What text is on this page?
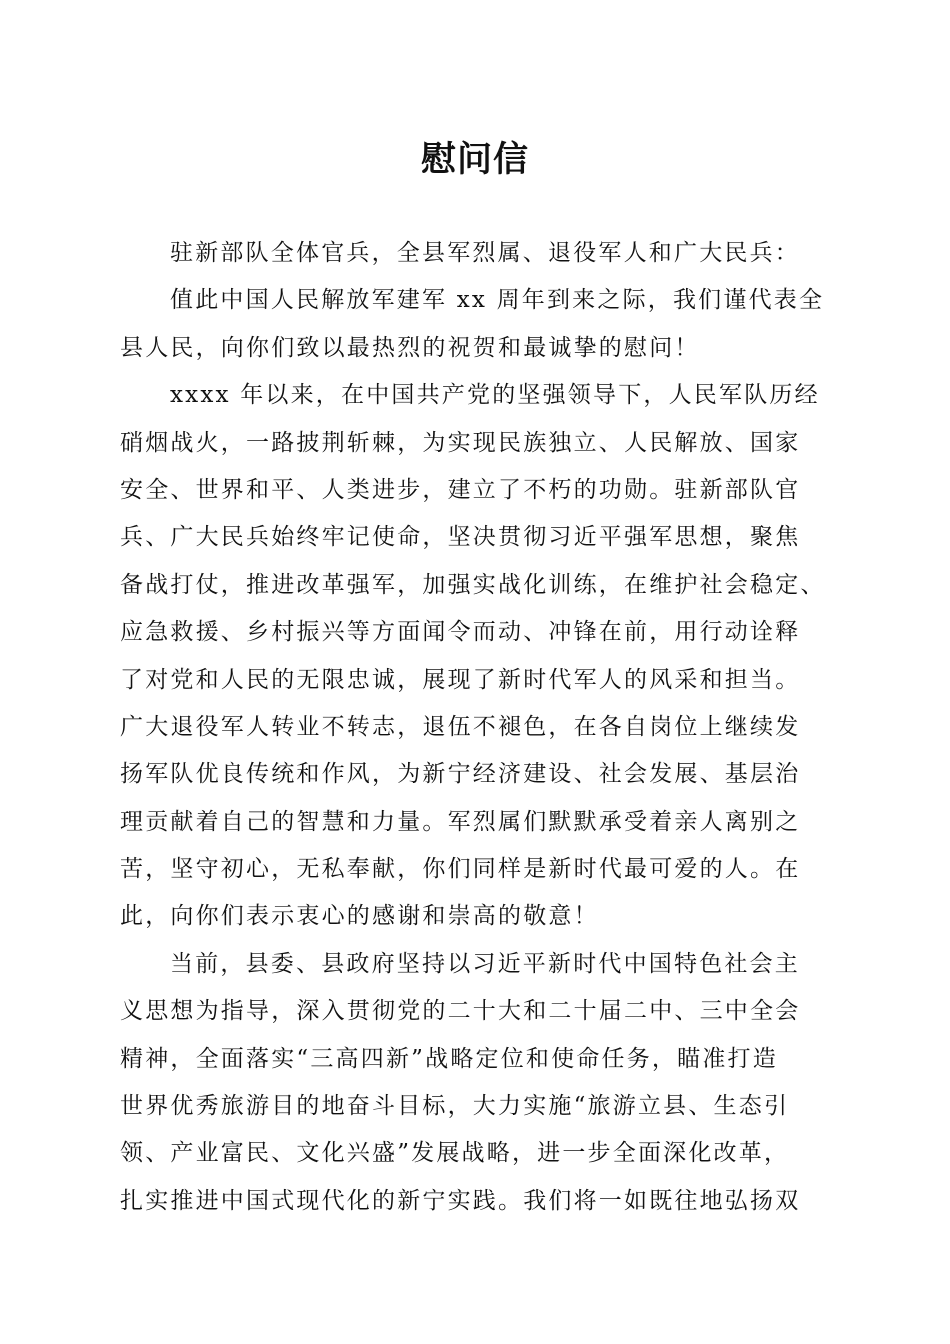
慰问信
驻新部队全体官兵，全县军烈属、退役军人和广大民兵：
值此中国人民解放军建军 xx 周年到来之际，我们谨代表全
县人民，向你们致以最热烈的祝贺和最诚挚的慰问！
xxxx 年以来，在中国共产党的坚强领导下，人民军队历经
硝烟战火，一路披荆斩棘，为实现民族独立、人民解放、国家
安全、世界和平、人类进步，建立了不朽的功勋。驻新部队官
兵、广大民兵始终牢记使命，坚决贯彻习近平强军思想，聚焦
备战打仗，推进改革强军，加强实战化训练，在维护社会稳定、
应急救援、乡村振兴等方面闻令而动、冲锋在前，用行动诠释
了对党和人民的无限忠诚，展现了新时代军人的风采和担当。
广大退役军人转业不转志，退伍不褪色，在各自岗位上继续发
扬军队优良传统和作风，为新宁经济建设、社会发展、基层治
理贡献着自己的智慧和力量。军烈属们默默承受着亲人离别之
苦，坚守初心，无私奉献，你们同样是新时代最可爱的人。在
此，向你们表示衷心的感谢和崇高的敬意！
当前，县委、县政府坚持以习近平新时代中国特色社会主
义思想为指导，深入贯彻党的二十大和二十届二中、三中全会
精神，全面落实“三高四新”战略定位和使命任务，瞄准打造
世界优秀旅游目的地奋斗目标，大力实施“旅游立县、生态引
领、产业富民、文化兴盛”发展战略，进一步全面深化改革，
扎实推进中国式现代化的新宁实践。我们将一如既往地弘扬双
